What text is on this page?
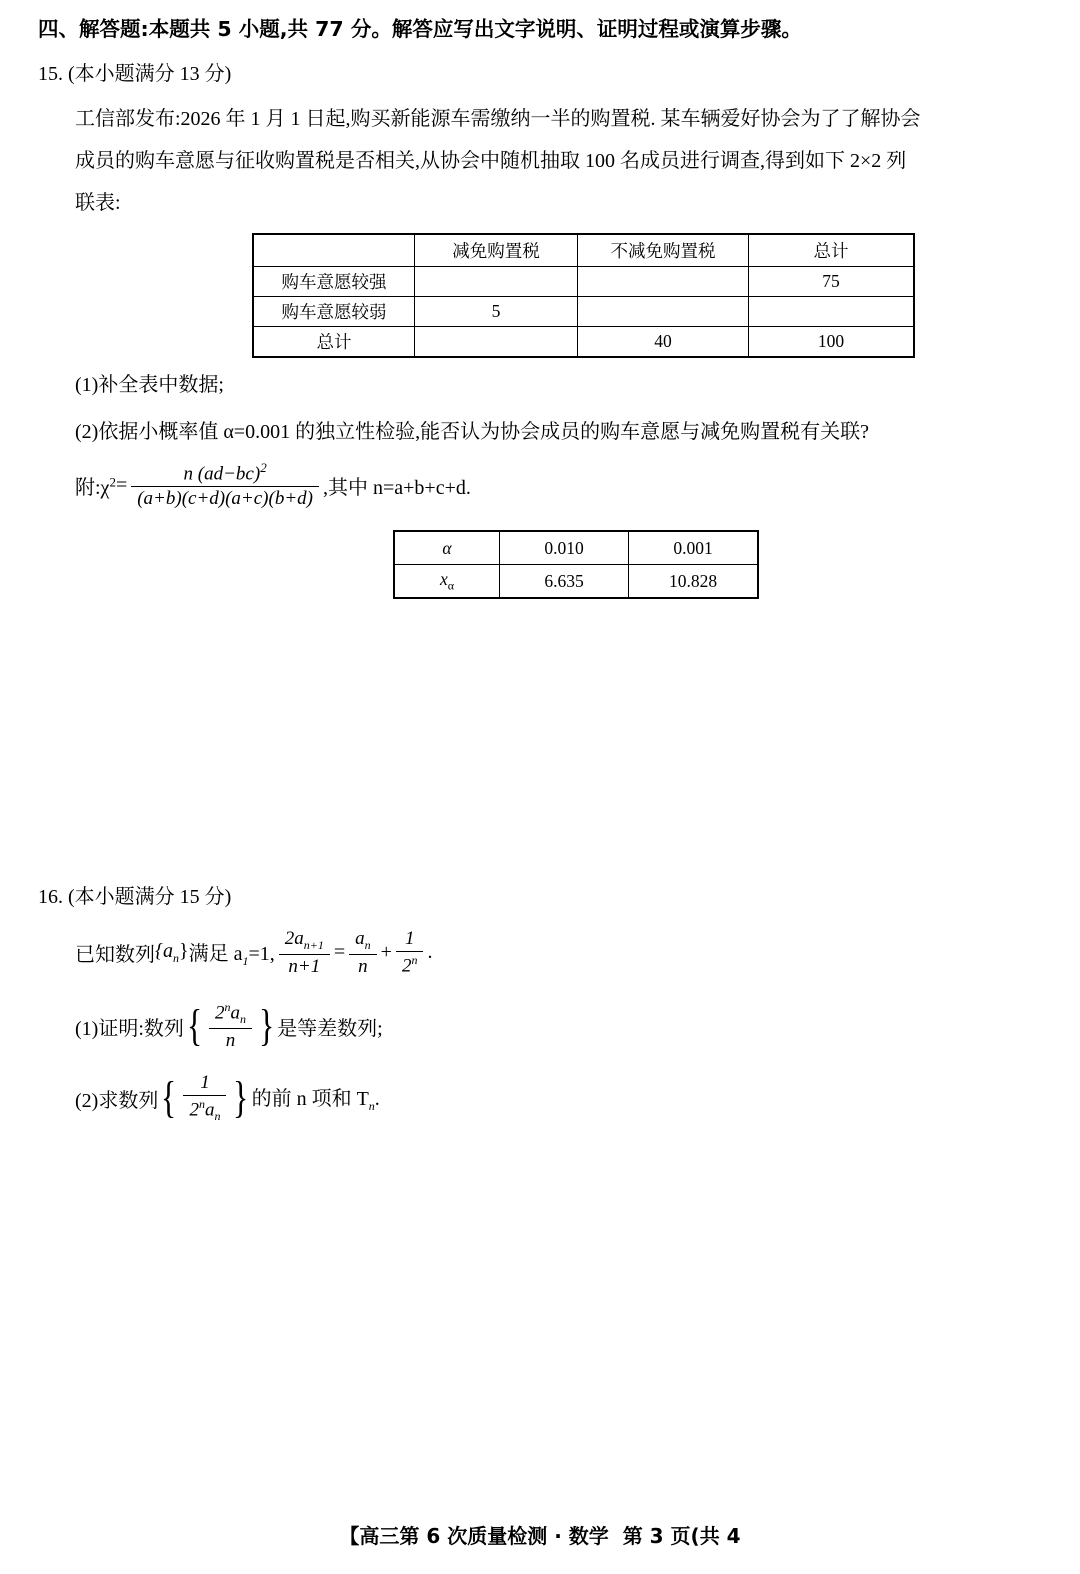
四、解答题:本题共 5 小题,共 77 分。解答应写出文字说明、证明过程或演算步骤。
15. (本小题满分 13 分)
工信部发布:2026 年 1 月 1 日起,购买新能源车需缴纳一半的购置税. 某车辆爱好协会为了了解协会
成员的购车意愿与征收购置税是否相关,从协会中随机抽取 100 名成员进行调查,得到如下 2×2 列
联表:
	减免购置税	不减免购置税	总计
购车意愿较强			75
购车意愿较弱	5		
总计		40	100
(1)补全表中数据;
(2)依据小概率值 α=0.001 的独立性检验,能否认为协会成员的购车意愿与减免购置税有关联?
附$:\chi^2 = \frac{n (ad-bc)^2}{(a+b)(c+d)(a+c)(b+d)}$ ,其中 n=a+b+c+d.
α	0.010	0.001
$x_\alpha$	6.635	10.828
16. (本小题满分 15 分)
已知数列 $\{a_n\}$ 满足 $a_1=1$, $\frac{2a_{n+1}}{n+1} = \frac{a_n}{n} + \frac{1}{2^n}$ .
(1)证明:数列 { $\frac{2^na_n}{n}$ } 是等差数列;
(2)求数列 { $\frac{1}{2^na_n}$ } 的前 n 项和 $T_n$.
【高三第 6 次质量检测 · 数学 第 3 页(共 4
